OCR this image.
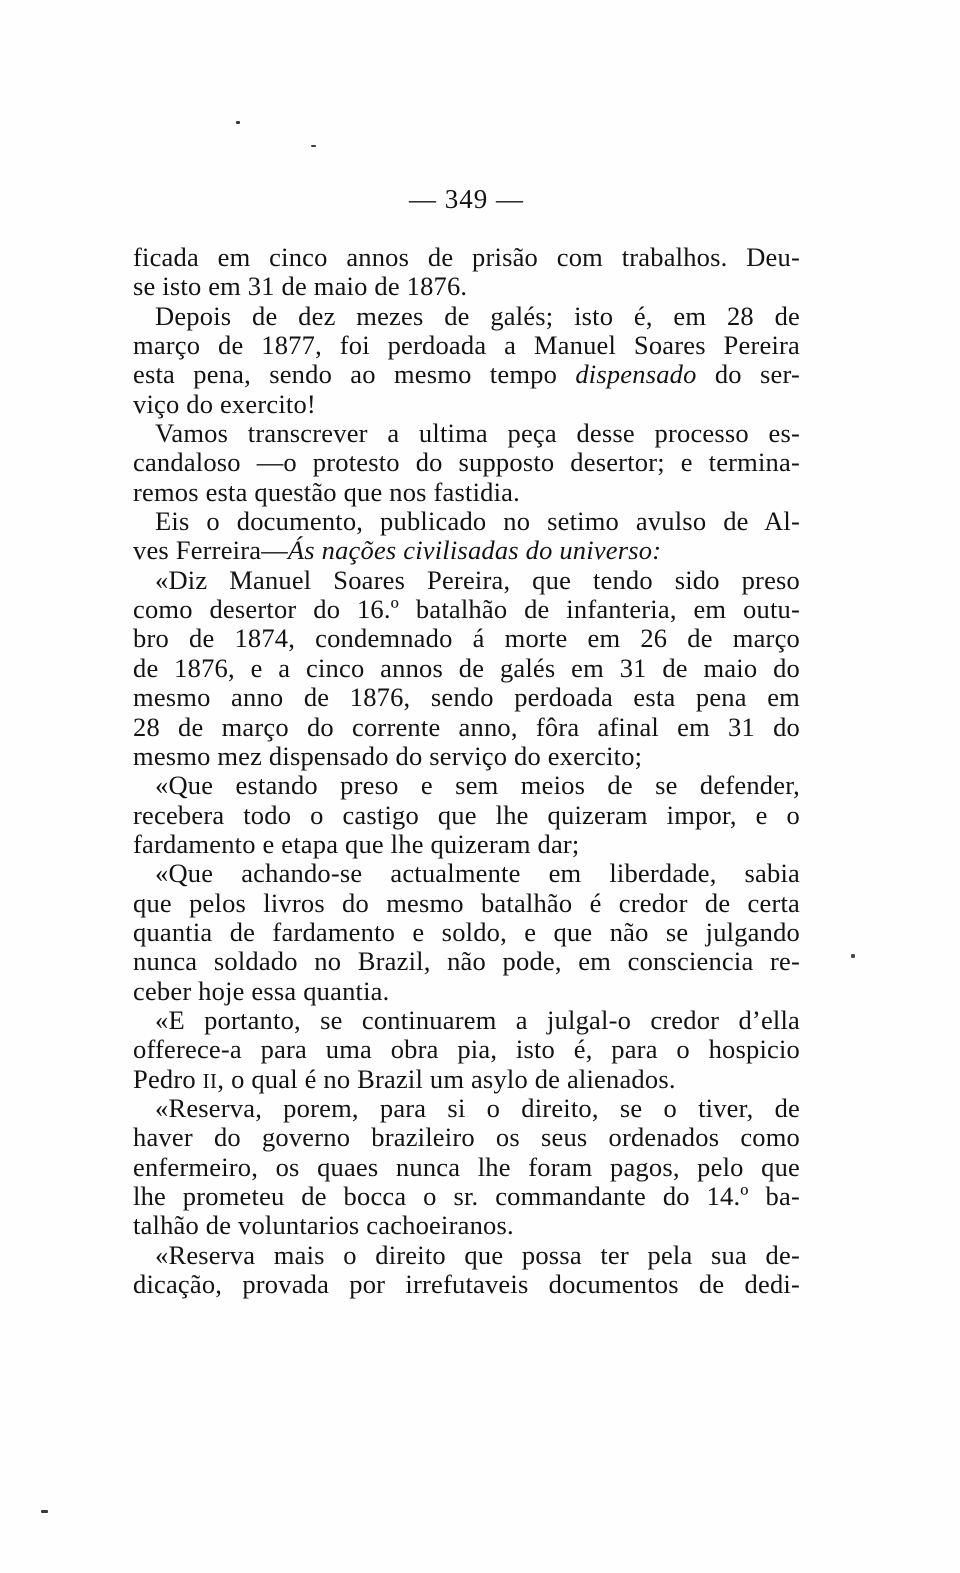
— 349 —
ficada em cinco annos de prisão com trabalhos. Deu-
se isto em 31 de maio de 1876.
Depois de dez mezes de galés; isto é, em 28 de
março de 1877, foi perdoada a Manuel Soares Pereira
esta pena, sendo ao mesmo tempo dispensado do ser-
viço do exercito!
Vamos transcrever a ultima peça desse processo es-
candaloso —o protesto do supposto desertor; e termina-
remos esta questão que nos fastidia.
Eis o documento, publicado no setimo avulso de Al-
ves Ferreira—Ás nações civilisadas do universo:
«Diz Manuel Soares Pereira, que tendo sido preso
como desertor do 16.º batalhão de infanteria, em outu-
bro de 1874, condemnado á morte em 26 de março
de 1876, e a cinco annos de galés em 31 de maio do
mesmo anno de 1876, sendo perdoada esta pena em
28 de março do corrente anno, fôra afinal em 31 do
mesmo mez dispensado do serviço do exercito;
«Que estando preso e sem meios de se defender,
recebera todo o castigo que lhe quizeram impor, e o
fardamento e etapa que lhe quizeram dar;
«Que achando-se actualmente em liberdade, sabia
que pelos livros do mesmo batalhão é credor de certa
quantia de fardamento e soldo, e que não se julgando
nunca soldado no Brazil, não pode, em consciencia re-
ceber hoje essa quantia.
«E portanto, se continuarem a julgal-o credor d’ella
offerece-a para uma obra pia, isto é, para o hospicio
Pedro II, o qual é no Brazil um asylo de alienados.
«Reserva, porem, para si o direito, se o tiver, de
haver do governo brazileiro os seus ordenados como
enfermeiro, os quaes nunca lhe foram pagos, pelo que
lhe prometeu de bocca o sr. commandante do 14.º ba-
talhão de voluntarios cachoeiranos.
«Reserva mais o direito que possa ter pela sua de-
dicação, provada por irrefutaveis documentos de dedi-
